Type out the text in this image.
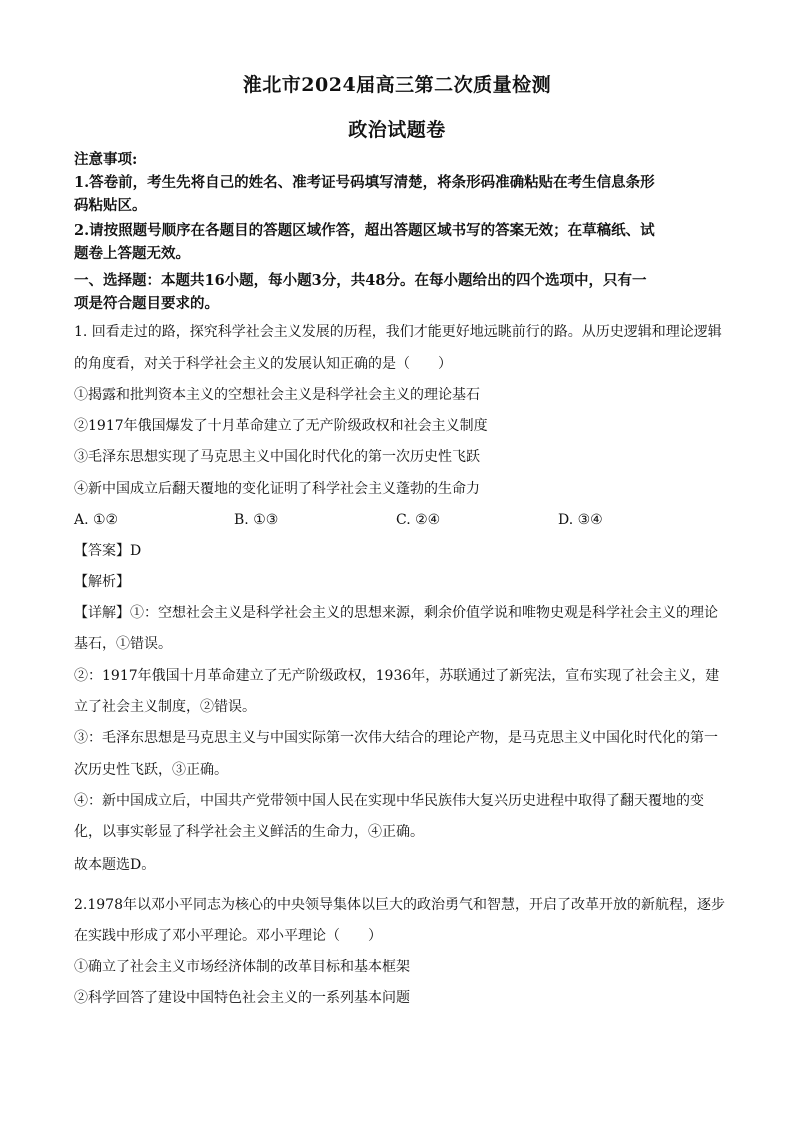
淮北市2024届高三第二次质量检测
政治试题卷
注意事项:
1.答卷前，考生先将自己的姓名、准考证号码填写清楚，将条形码准确粘贴在考生信息条形
码粘贴区。
2.请按照题号顺序在各题目的答题区域作答，超出答题区域书写的答案无效；在草稿纸、试
题卷上答题无效。
一、选择题：本题共16小题，每小题3分，共48分。在每小题给出的四个选项中，只有一
项是符合题目要求的。
1. 回看走过的路，探究科学社会主义发展的历程，我们才能更好地远眺前行的路。从历史逻辑和理论逻辑
的角度看，对关于科学社会主义的发展认知正确的是（　　）
①揭露和批判资本主义的空想社会主义是科学社会主义的理论基石
②1917年俄国爆发了十月革命建立了无产阶级政权和社会主义制度
③毛泽东思想实现了马克思主义中国化时代化的第一次历史性飞跃
④新中国成立后翻天覆地的变化证明了科学社会主义蓬勃的生命力
A. ①②	B. ①③	C. ②④	D. ③④
【答案】D
【解析】
【详解】①：空想社会主义是科学社会主义的思想来源，剩余价值学说和唯物史观是科学社会主义的理论
基石，①错误。
②：1917年俄国十月革命建立了无产阶级政权，1936年，苏联通过了新宪法，宣布实现了社会主义，建
立了社会主义制度，②错误。
③：毛泽东思想是马克思主义与中国实际第一次伟大结合的理论产物，是马克思主义中国化时代化的第一
次历史性飞跃，③正确。
④：新中国成立后，中国共产党带领中国人民在实现中华民族伟大复兴历史进程中取得了翻天覆地的变
化，以事实彰显了科学社会主义鲜活的生命力，④正确。
故本题选D。
2.1978年以邓小平同志为核心的中央领导集体以巨大的政治勇气和智慧，开启了改革开放的新航程，逐步
在实践中形成了邓小平理论。邓小平理论（　　）
①确立了社会主义市场经济体制的改革目标和基本框架
②科学回答了建设中国特色社会主义的一系列基本问题
